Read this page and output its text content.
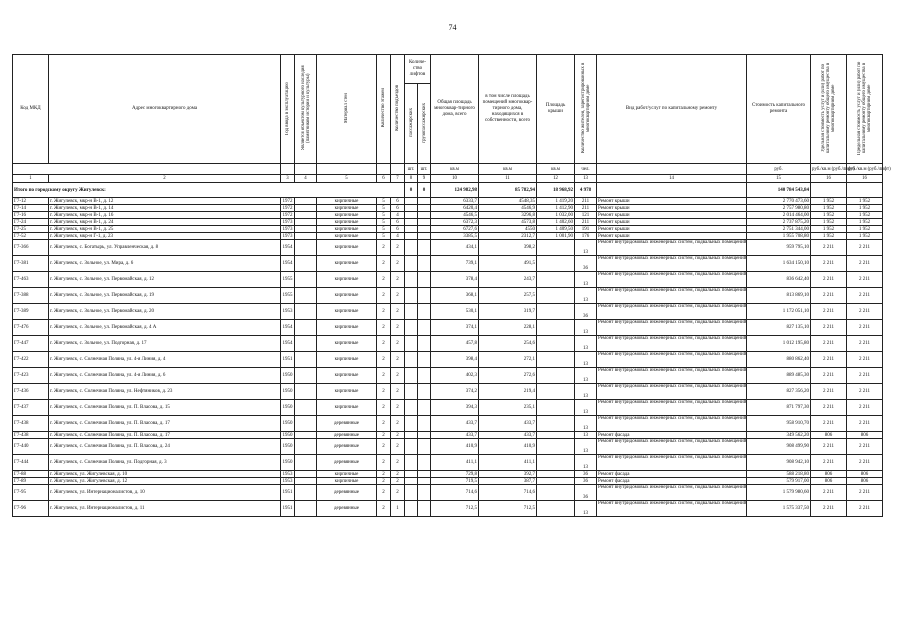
74
Код МКД	Адрес многоквартирного дома	Год ввода в эксплуатацию	Является объектом культурного наследия (памятником истории и культуры)	Материал стен	Количество этажей	Количество подъездов	Количе-ство лифтов		Общая площадь многоквар-тирного дома, всего	в том числе площадь помещений многоквар-тирного дома, находящихся в собственности, всего	Площадь крыши	Количество жителей, зарегистрированных в многоквартирном доме	Вид работ/услуг по капитальному ремонту	Стоимость капитального ремонта	Удельная стоимость услуг и (или) работ по капитальному ремонту общего имущества в многоквартирном доме	Предельная стоимость услуг и (или) работ по капитальному ремонту общего имущества в многоквартирном доме
							пассажирских	грузопассажирских								
							шт.	шт.	кв.м	кв.м	кв.м	чел.		руб.	руб./кв.м (руб./лифт)	руб./кв.м (руб./лифт)
1	2	3	4	5	6	7	8	9	10	11	12	13	14	15	16	16
Итого по городскому округу Жигулевск:							0	0	124 982,98	85 782,94	18 968,92	4 978		140 784 543,84		
Г7-12	г. Жигулевск, мкр-н В-1, д. 12	1972		кирпичные	5	6			6333,7	4548,35	1 419,20	211	Ремонт крыши	2 770 473,60	1 952	1 952
Г7-14	г. Жигулевск, мкр-н В-1, д. 14	1972		кирпичные	5	6			6420,4	4546,9	1 412,90	211	Ремонт крыши	2 757 980,80	1 952	1 952
Г7-16	г. Жигулевск, мкр-н В-1, д. 16	1972		кирпичные	5	4			4546,5	3296,8	1 032,00	121	Ремонт крыши	2 014 464,00	1 952	1 952
Г7-24	г. Жигулевск, мкр-н В-1, д. 24	1973		кирпичные	5	6			6372,3	4573,8	1 402,60	211	Ремонт крыши	2 737 875,20	1 952	1 952
Г7-25	г. Жигулевск, мкр-н В-1, д. 25	1973		кирпичные	5	6			6727,6	4550	1 409,50	191	Ремонт крыши	2 751 344,00	1 952	1 952
Г7-52	г. Жигулевск, мкр-н Г-1, д. 23	1973		кирпичные	5	4			3385,5	2312,7	1 001,90	176	Ремонт крыши	1 955 708,80	1 952	1 952
Г7-366	г. Жигулевск, с. Богатырь, ул. Управленческая, д. 8	1954		кирпичные	2	2			434,1	398,2		13	Ремонт внутридомовых инженерных систем, подвальных помещений	959 795,10	2 211	2 211
Г7-381	г. Жигулевск, с. Зольное, ул. Мира, д. 6	1954		кирпичные	2	2			739,1	491,5		36	Ремонт внутридомовых инженерных систем, подвальных помещений	1 634 150,10	2 211	2 211
Г7-463	г. Жигулевск, с. Зольное, ул. Первомайская, д. 12	1955		кирпичные	2	2			378,4	243,7		13	Ремонт внутридомовых инженерных систем, подвальных помещений	836 642,40	2 211	2 211
Г7-388	г. Жигулевск, с. Зольное, ул. Первомайская, д. 19	1955		кирпичные	2	2			368,1	257,5		13	Ремонт внутридомовых инженерных систем, подвальных помещений	813 869,10	2 211	2 211
Г7-389	г. Жигулевск, с. Зольное, ул. Первомайская, д. 20	1953		кирпичные	2	2			530,1	319,7		36	Ремонт внутридомовых инженерных систем, подвальных помещений	1 172 051,10	2 211	2 211
Г7-476	г. Жигулевск, с. Зольное, ул. Первомайская, д. 4 А	1954		кирпичные	2	2			374,1	228,1		13	Ремонт внутридомовых инженерных систем, подвальных помещений	827 135,10	2 211	2 211
Г7-447	г. Жигулевск, с. Зольное, ул. Подгорная, д. 17	1954		кирпичные	2	2			457,8	254,6		13	Ремонт внутридомовых инженерных систем, подвальных помещений	1 012 195,80	2 211	2 211
Г7-422	г. Жигулевск, с. Солнечная Поляна, ул. 4-я Линия, д. 4	1951		кирпичные	2	2			398,4	272,1		13	Ремонт внутридомовых инженерных систем, подвальных помещений	880 862,40	2 211	2 211
Г7-423	г. Жигулевск, с. Солнечная Поляна, ул. 4-я Линия, д. 6	1950		кирпичные	2	2			402,3	272,6		13	Ремонт внутридомовых инженерных систем, подвальных помещений	889 485,30	2 211	2 211
Г7-436	г. Жигулевск, с. Солнечная Поляна, ул. Нефтяников, д. 23	1950		кирпичные	2	2			374,2	219,4		13	Ремонт внутридомовых инженерных систем, подвальных помещений	827 356,20	2 211	2 211
Г7-437	г. Жигулевск, с. Солнечная Поляна, ул. П. Власова, д. 15	1950		кирпичные	2	2			394,3	235,1		13	Ремонт внутридомовых инженерных систем, подвальных помещений	871 797,30	2 211	2 211
Г7-438	г. Жигулевск, с. Солнечная Поляна, ул. П. Власова, д. 17	1950		деревянные	2	2			433,7	433,7		13	Ремонт внутридомовых инженерных систем, подвальных помещений	958 910,70	2 211	2 211
Г7-438	г. Жигулевск, с. Солнечная Поляна, ул. П. Власова, д. 17	1950		деревянные	2	2			433,7	433,7		13	Ремонт фасада	349 562,20	806	806
Г7-440	г. Жигулевск, с. Солнечная Поляна, ул. П. Власова, д. 24	1950		деревянные	2	2			410,9	410,9		13	Ремонт внутридомовых инженерных систем, подвальных помещений	908 499,90	2 211	2 211
Г7-444	г. Жигулевск, с. Солнечная Поляна, ул. Подгорная, д. 3	1950		деревянные	2	2			411,1	411,1		13	Ремонт внутридомовых инженерных систем, подвальных помещений	908 942,10	2 211	2 211
Г7-88	г. Жигулевск, ул. Жигулевская, д. 10	1953		кирпичные	2	2			729,8	392,7		36	Ремонт фасада	588 218,80	806	806
Г7-89	г. Жигулевск, ул. Жигулевская, д. 12	1953		кирпичные	2	2			719,5	387,7		36	Ремонт фасада	579 917,00	806	806
Г7-95	г. Жигулевск, ул. Интернационалистов, д. 10	1951		деревянные	2	2			714,6	714,6		36	Ремонт внутридомовых инженерных систем, подвальных помещений	1 579 980,60	2 211	2 211
Г7-96	г. Жигулевск, ул. Интернационалистов, д. 11	1951		деревянные	2	1			712,5	712,5		13	Ремонт внутридомовых инженерных систем, подвальных помещений	1 575 337,50	2 211	2 211
